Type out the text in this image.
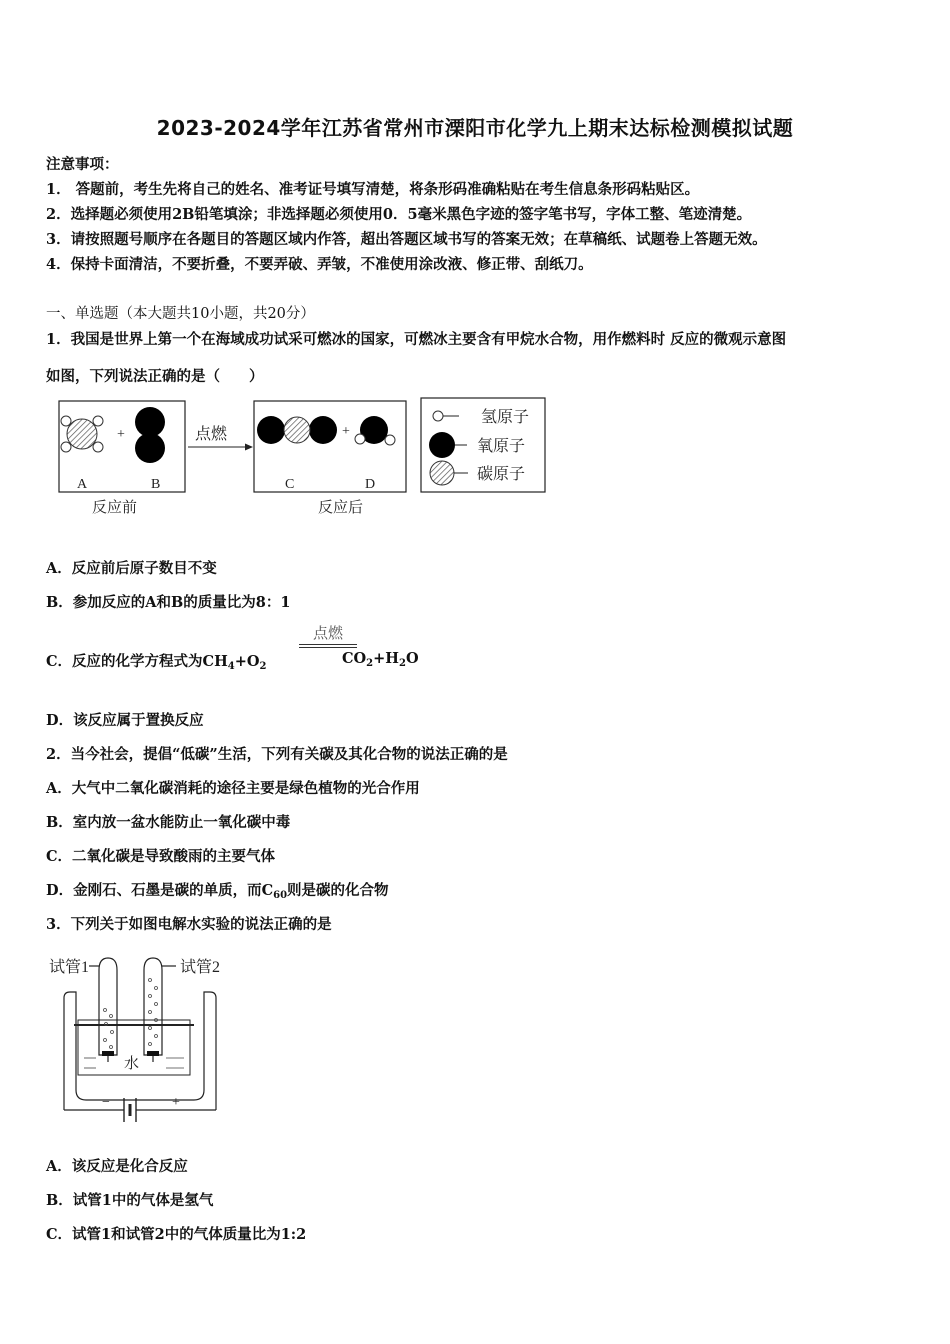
2023-2024学年江苏省常州市溧阳市化学九上期末达标检测模拟试题
注意事项：
1． 答题前，考生先将自己的姓名、准考证号填写清楚，将条形码准确粘贴在考生信息条形码粘贴区。
2．选择题必须使用2B铅笔填涂；非选择题必须使用0．5毫米黑色字迹的签字笔书写，字体工整、笔迹清楚。
3．请按照题号顺序在各题目的答题区域内作答，超出答题区域书写的答案无效；在草稿纸、试题卷上答题无效。
4．保持卡面清洁，不要折叠，不要弄破、弄皱，不准使用涂改液、修正带、刮纸刀。
一、单选题（本大题共10小题，共20分）
1．我国是世界上第一个在海域成功试采可燃冰的国家，可燃冰主要含有甲烷水合物，用作燃料时 反应的微观示意图
如图，下列说法正确的是（　　）
+
A	B
反应前
点燃	+
C	D
反应后
氢原子
氧原子
碳原子
A．反应前后原子数目不变
B．参加反应的A和B的质量比为8：1
C．反应的化学方程式为$CH_4+O_2$
点燃
$CO_2+H_2O$
D．该反应属于置换反应
2．当今社会，提倡“低碳”生活，下列有关碳及其化合物的说法正确的是
A．大气中二氧化碳消耗的途径主要是绿色植物的光合作用
B．室内放一盆水能防止一氧化碳中毒
C．二氧化碳是导致酸雨的主要气体
D．金刚石、石墨是碳的单质，而$C_{60}$则是碳的化合物
3．下列关于如图电解水实验的说法正确的是
试管1	试管2
水
−	+
A．该反应是化合反应
B．试管1中的气体是氢气
C．试管1和试管2中的气体质量比为1:2
